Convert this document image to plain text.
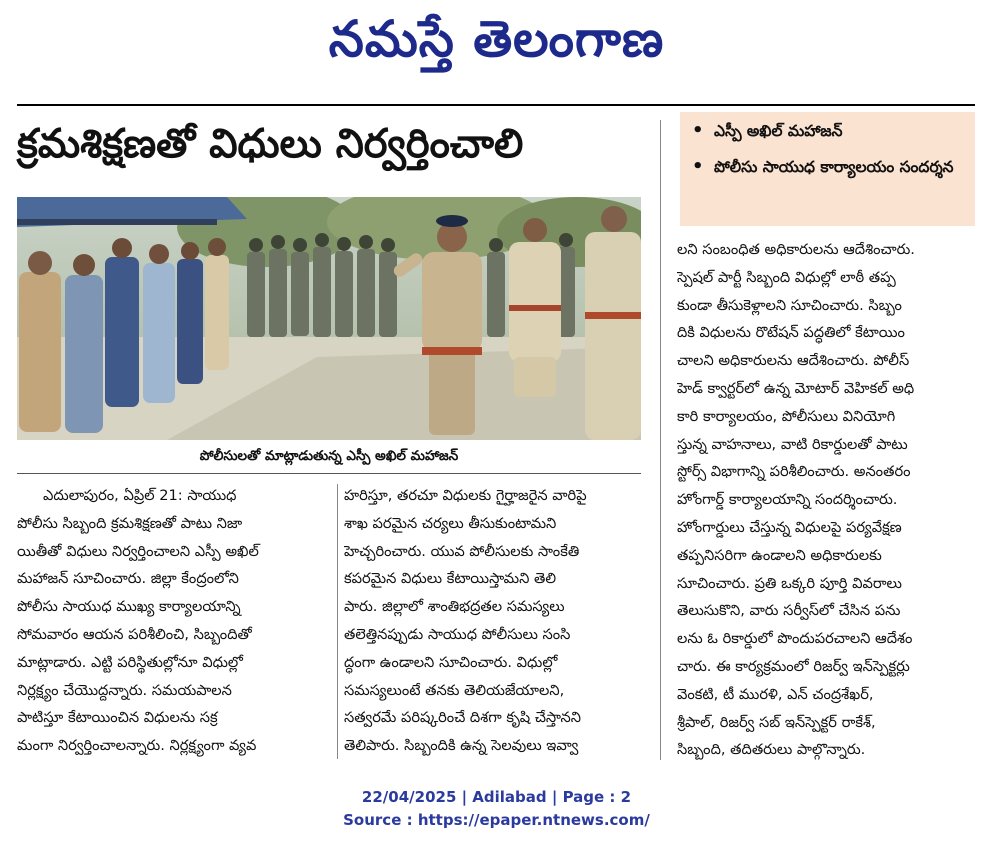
నమస్తే తెలంగాణ
క్రమశిక్షణతో విధులు నిర్వర్తించాలి	• ఎస్పీ అఖిల్ మహాజన్
• పోలీసు సాయుధ కార్యాలయం సందర్శన
పోలీసులతో మాట్లాడుతున్న ఎస్పీ అఖిల్ మహాజన్
ఎదులాపురం, ఏప్రిల్ 21: సాయుధ
పోలీసు సిబ్బంది క్రమశిక్షణతో పాటు నిజా
యితీతో విధులు నిర్వర్తించాలని ఎస్పీ అఖిల్
మహాజన్ సూచించారు. జిల్లా కేంద్రంలోని
పోలీసు సాయుధ ముఖ్య కార్యాలయాన్ని
సోమవారం ఆయన పరిశీలించి, సిబ్బందితో
మాట్లాడారు. ఎట్టి పరిస్థితుల్లోనూ విధుల్లో
నిర్లక్ష్యం చేయొద్దన్నారు. సమయపాలన
పాటిస్తూ కేటాయించిన విధులను సక్ర
మంగా నిర్వర్తించాలన్నారు. నిర్లక్ష్యంగా వ్యవ
హరిస్తూ, తరచూ విధులకు గైర్హాజరైన వారిపై
శాఖ పరమైన చర్యలు తీసుకుంటామని
హెచ్చరించారు. యువ పోలీసులకు సాంకేతి
కపరమైన విధులు కేటాయిస్తామని తెలి
పారు. జిల్లాలో శాంతిభద్రతల సమస్యలు
తలెత్తినప్పుడు సాయుధ పోలీసులు సంసి
ద్ధంగా ఉండాలని సూచించారు. విధుల్లో
సమస్యలుంటే తనకు తెలియజేయాలని,
సత్వరమే పరిష్కరించే దిశగా కృషి చేస్తానని
తెలిపారు. సిబ్బందికి ఉన్న సెలవులు ఇవ్వా
లని సంబంధిత అధికారులను ఆదేశించారు.
స్పెషల్ పార్టీ సిబ్బంది విధుల్లో లాఠీ తప్ప
కుండా తీసుకెళ్లాలని సూచించారు. సిబ్బం
దికి విధులను రొటేషన్ పద్ధతిలో కేటాయిం
చాలని అధికారులను ఆదేశించారు. పోలీస్
హెడ్ క్వార్టర్‌లో ఉన్న మోటార్ వెహికల్ అధి
కారి కార్యాలయం, పోలీసులు వినియోగి
స్తున్న వాహనాలు, వాటి రికార్డులతో పాటు
స్టోర్స్ విభాగాన్ని పరిశీలించారు. అనంతరం
హోంగార్డ్ కార్యాలయాన్ని సందర్శించారు.
హోంగార్డులు చేస్తున్న విధులపై పర్యవేక్షణ
తప్పనిసరిగా ఉండాలని అధికారులకు
సూచించారు. ప్రతి ఒక్కరి పూర్తి వివరాలు
తెలుసుకొని, వారు సర్వీస్‌లో చేసిన పను
లను ఓ రికార్డులో పొందుపరచాలని ఆదేశం
చారు. ఈ కార్యక్రమంలో రిజర్వ్ ఇన్‌స్పెక్టర్లు
వెంకటి, టీ మురళి, ఎన్ చంద్రశేఖర్,
శ్రీపాల్, రిజర్వ్ సబ్ ఇన్‌స్పెక్టర్ రాకేశ్,
సిబ్బంది, తదితరులు పాల్గొన్నారు.
22/04/2025 | Adilabad | Page : 2
Source : https://epaper.ntnews.com/
